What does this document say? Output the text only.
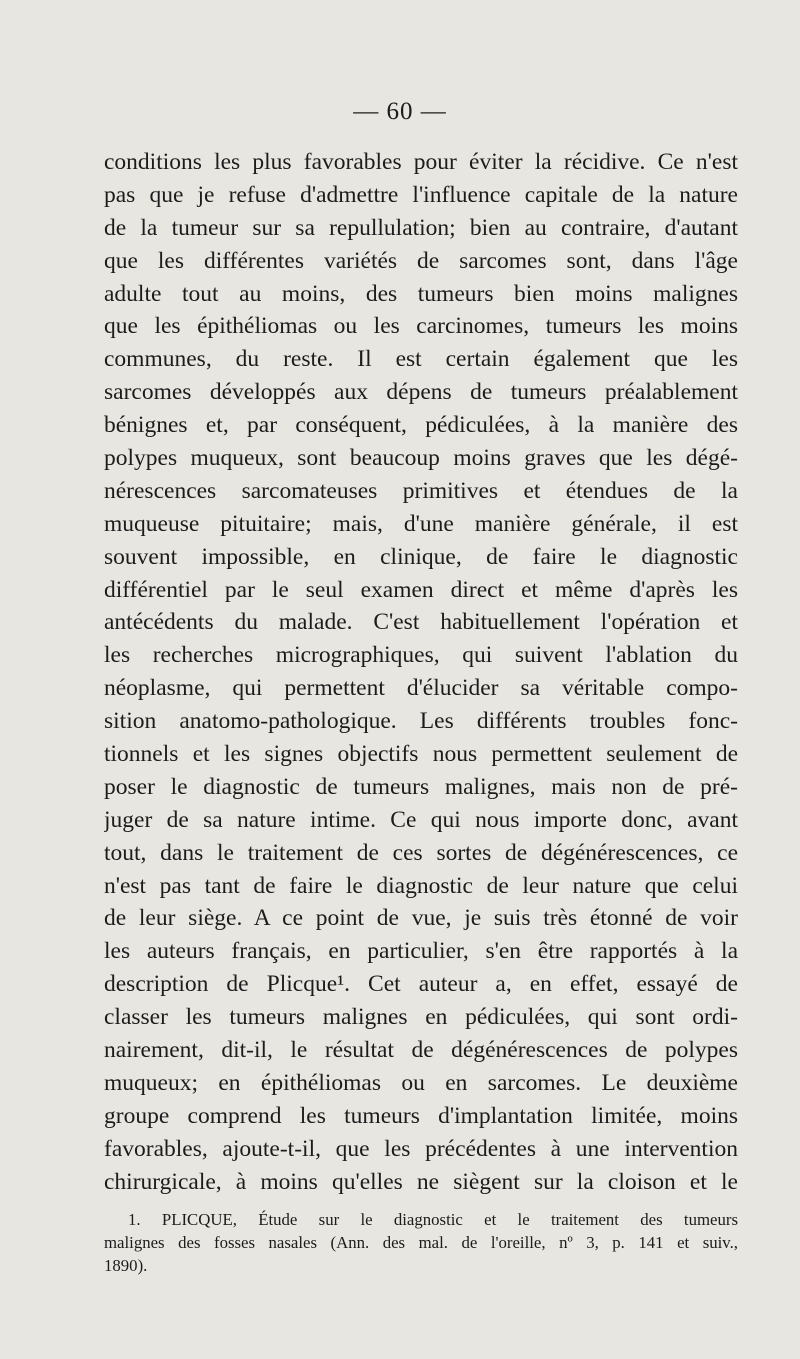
— 60 —
conditions les plus favorables pour éviter la récidive. Ce n'est
pas que je refuse d'admettre l'influence capitale de la nature
de la tumeur sur sa repullulation; bien au contraire, d'autant
que les différentes variétés de sarcomes sont, dans l'âge
adulte tout au moins, des tumeurs bien moins malignes
que les épithéliomas ou les carcinomes, tumeurs les moins
communes, du reste. Il est certain également que les
sarcomes développés aux dépens de tumeurs préalablement
bénignes et, par conséquent, pédiculées, à la manière des
polypes muqueux, sont beaucoup moins graves que les dégé-
nérescences sarcomateuses primitives et étendues de la
muqueuse pituitaire; mais, d'une manière générale, il est
souvent impossible, en clinique, de faire le diagnostic
différentiel par le seul examen direct et même d'après les
antécédents du malade. C'est habituellement l'opération et
les recherches micrographiques, qui suivent l'ablation du
néoplasme, qui permettent d'élucider sa véritable compo-
sition anatomo-pathologique. Les différents troubles fonc-
tionnels et les signes objectifs nous permettent seulement de
poser le diagnostic de tumeurs malignes, mais non de pré-
juger de sa nature intime. Ce qui nous importe donc, avant
tout, dans le traitement de ces sortes de dégénérescences, ce
n'est pas tant de faire le diagnostic de leur nature que celui
de leur siège. A ce point de vue, je suis très étonné de voir
les auteurs français, en particulier, s'en être rapportés à la
description de Plicque¹. Cet auteur a, en effet, essayé de
classer les tumeurs malignes en pédiculées, qui sont ordi-
nairement, dit-il, le résultat de dégénérescences de polypes
muqueux; en épithéliomas ou en sarcomes. Le deuxième
groupe comprend les tumeurs d'implantation limitée, moins
favorables, ajoute-t-il, que les précédentes à une intervention
chirurgicale, à moins qu'elles ne siègent sur la cloison et le
1. PLICQUE, Étude sur le diagnostic et le traitement des tumeurs
malignes des fosses nasales (Ann. des mal. de l'oreille, nº 3, p. 141 et suiv.,
1890).
